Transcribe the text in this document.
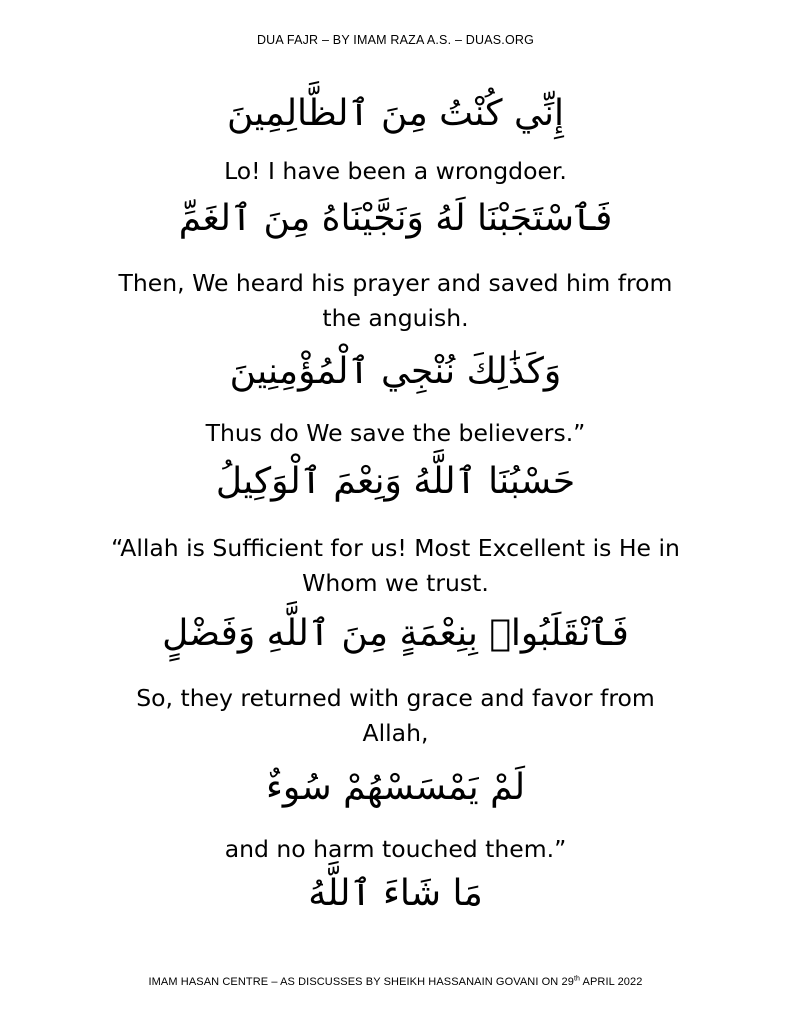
DUA FAJR – BY IMAM RAZA A.S. – DUAS.ORG
إِنِّي كُنْتُ مِنَ ٱلظَّالِمِينَ
Lo! I have been a wrongdoer.
فَٱسْتَجَبْنَا لَهُ وَنَجَّيْنَاهُ مِنَ ٱلغَمِّ
Then, We heard his prayer and saved him from the anguish.
وَكَذَٰلِكَ نُنْجِي ٱلْمُؤْمِنِينَ
Thus do We save the believers.”
حَسْبُنَا ٱللَّهُ وَنِعْمَ ٱلْوَكِيلُ
“Allah is Sufficient for us! Most Excellent is He in Whom we trust.
فَٱنْقَلَبُوا۟ بِنِعْمَةٍ مِنَ ٱللَّهِ وَفَضْلٍ
So, they returned with grace and favor from Allah,
لَمْ يَمْسَسْهُمْ سُوءٌ
and no harm touched them.”
مَا شَاءَ ٱللَّهُ
IMAM HASAN CENTRE – AS DISCUSSES BY SHEIKH HASSANAIN GOVANI ON 29th APRIL 2022
